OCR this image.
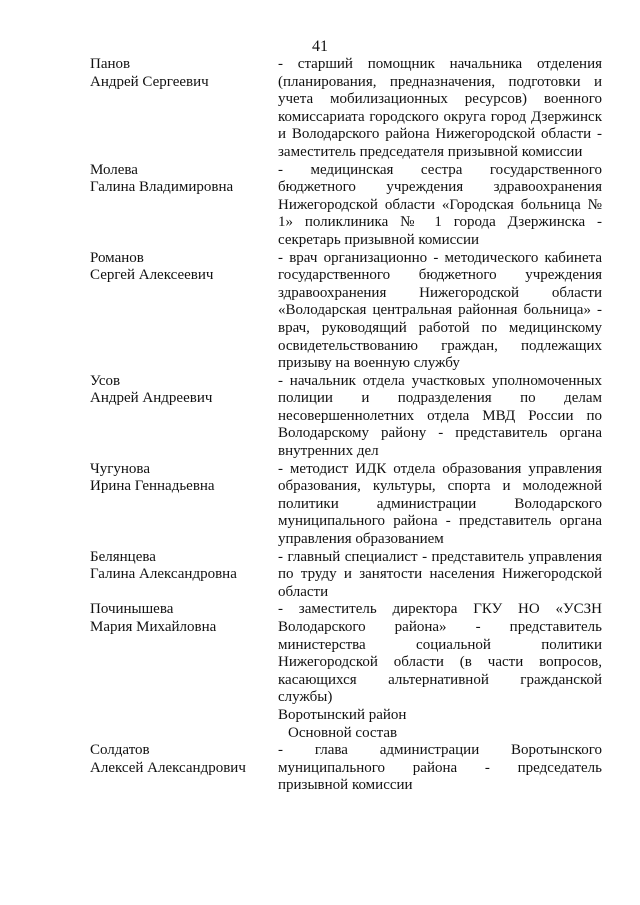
41
Панов
Андрей Сергеевич
- старший помощник начальника отделения (планирования, предназначения, подготовки и учета мобилизационных ресурсов) военного комиссариата городского округа город Дзержинск и Володарского района Нижегородской области - заместитель председателя призывной комиссии
Молева
Галина Владимировна
- медицинская сестра государственного бюджетного учреждения здравоохранения Нижегородской области «Городская больница № 1» поликлиника № 1 города Дзержинска - секретарь призывной комиссии
Романов
Сергей Алексеевич
- врач организационно - методического кабинета государственного бюджетного учреждения здравоохранения Нижегородской области «Володарская центральная районная больница» - врач, руководящий работой по медицинскому освидетельствованию граждан, подлежащих призыву на военную службу
Усов
Андрей Андреевич
- начальник отдела участковых уполномоченных полиции и подразделения по делам несовершеннолетних отдела МВД России по Володарскому району - представитель органа внутренних дел
Чугунова
Ирина Геннадьевна
- методист ИДК отдела образования управления образования, культуры, спорта и молодежной политики администрации Володарского муниципального района - представитель органа управления образованием
Белянцева
Галина Александровна
- главный специалист - представитель управления по труду и занятости населения Нижегородской области
Починышева
Мария Михайловна
- заместитель директора ГКУ НО «УСЗН Володарского района» - представитель министерства социальной политики Нижегородской области (в части вопросов, касающихся альтернативной гражданской службы)
Воротынский район
Основной состав
Солдатов
Алексей Александрович
- глава администрации Воротынского муниципального района - председатель призывной комиссии
